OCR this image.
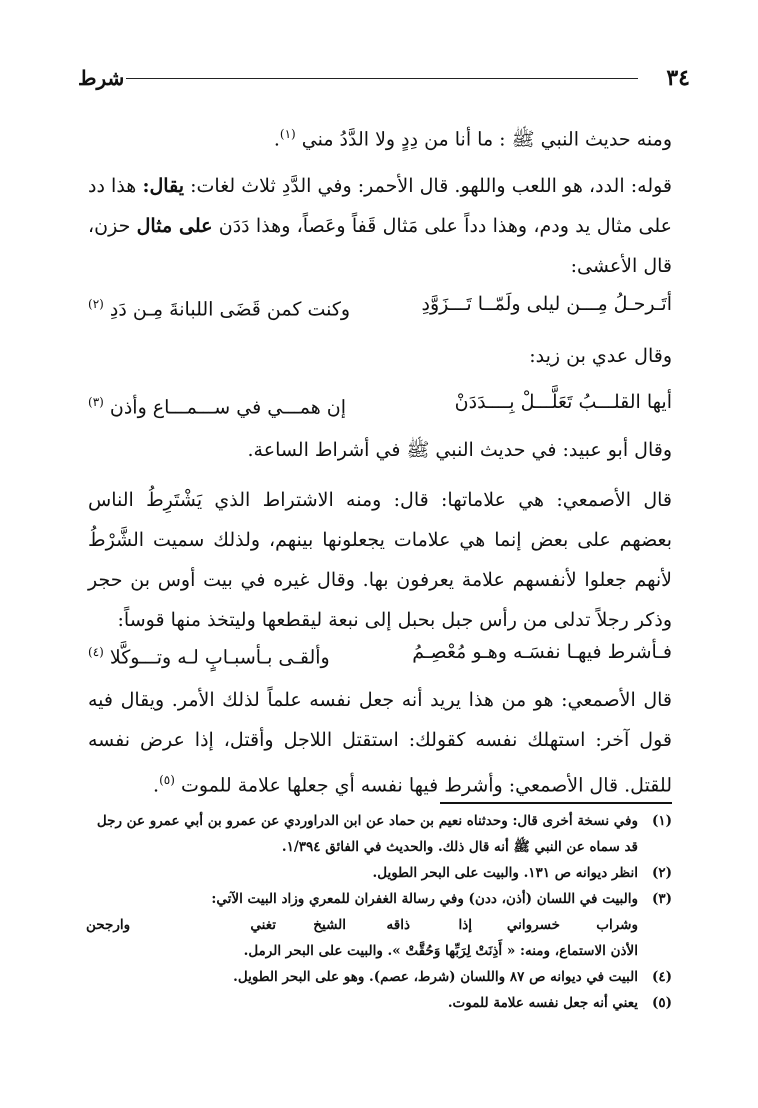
٣٤
شرط

ومنه حديث النبي ﷺ : ما أنا من دِدٍ ولا الدَّدُ مني $^{(١)}$.

قوله: الدد، هو اللعب واللهو. قال الأحمر: وفي الدَّدِ ثلاث لغات: يقال: هذا دد على مثال يد ودم، وهذا دداً على مَثال قَفاً وعَصاً، وهذا دَدَن على مثال حزن، قال الأعشى:

أتَـرحـلُ مِـــن ليلى ولَمّــا تَـــزَوَّدِ
وكنت كمن قَضَى اللبانةَ مِـن دَدِ $^{(٢)}$

وقال عدي بن زيد:

أيها القلـــبُ تَعَلَّـــلْ بِــــدَدَنْ
إن همـــي في ســـمـــاع وأذن $^{(٣)}$

وقال أبو عبيد: في حديث النبي ﷺ في أشراط الساعة.

قال الأصمعي: هي علاماتها: قال: ومنه الاشتراط الذي يَشْتَرِطُ الناس بعضهم على بعض إنما هي علامات يجعلونها بينهم، ولذلك سميت الشَّرْطُ لأنهم جعلوا لأنفسهم علامة يعرفون بها. وقال غيره في بيت أوس بن حجر وذكر رجلاً تدلى من رأس جبل بحبل إلى نبعة ليقطعها وليتخذ منها قوساً:

فـأشرط فيهـا نفسَـه وهـو مُعْصِـمُ
وألقـى بـأسبـابٍ لـه وتـــوكَّلا $^{(٤)}$

قال الأصمعي: هو من هذا يريد أنه جعل نفسه علماً لذلك الأمر. ويقال فيه قول آخر: استهلك نفسه كقولك: استقتل اللاجل وأقتل، إذا عرض نفسه للقتل. قال الأصمعي: وأشرط فيها نفسه أي جعلها علامة للموت $^{(٥)}$.

(١)
وفي نسخة أخرى قال: وحدثناه نعيم بن حماد عن ابن الدراوردي عن عمرو بن أبي عمرو عن رجل قد سماه عن النبي ﷺ أنه قال ذلك. والحديث في الفائق ١/٣٩٤.
(٢)
انظر ديوانه ص ١٣١. والبيت على البحر الطويل.
(٣)
والبيت في اللسان (أذن، ددن) وفي رسالة الغفران للمعري وزاد البيت الآتي:
وشراب
خسرواني
إذا
ذاقه
الشيخ
تغني
وارجحن
الأذن الاستماع، ومنه: « أَذِنَتْ لِرَبِّها وَحُقَّتْ ». والبيت على البحر الرمل.
(٤)
البيت في ديوانه ص ٨٧ واللسان (شرط، عصم). وهو على البحر الطويل.
(٥)
يعني أنه جعل نفسه علامة للموت.
